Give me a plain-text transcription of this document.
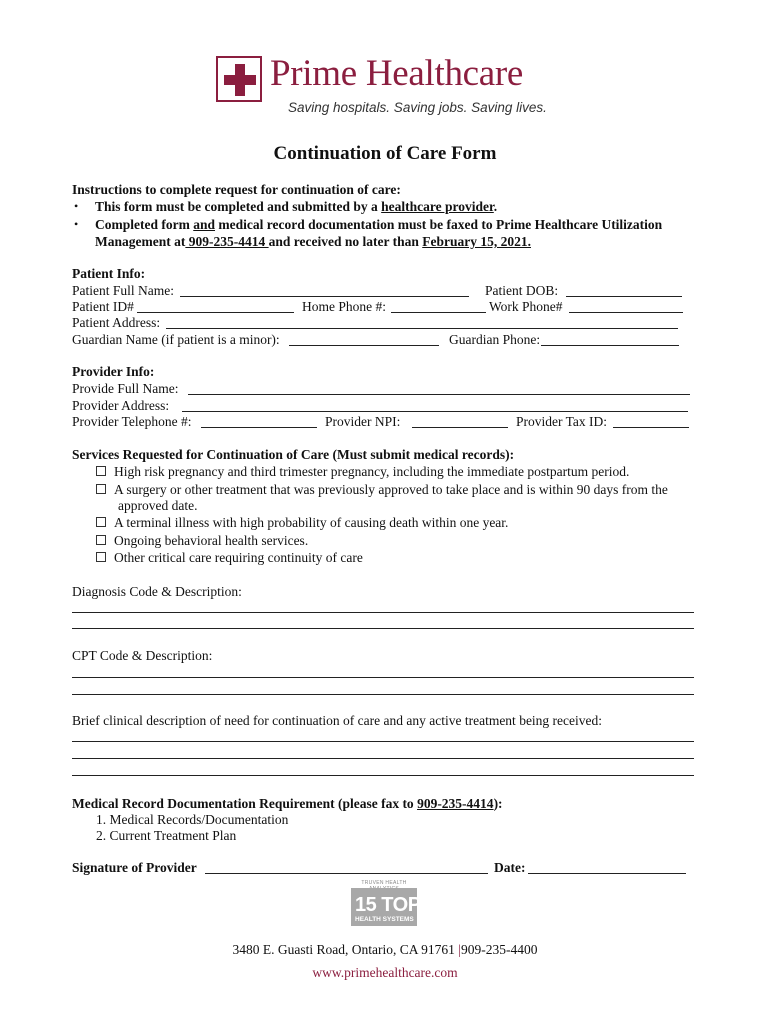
Prime Healthcare
Saving hospitals. Saving jobs. Saving lives.
Continuation of Care Form
Instructions to complete request for continuation of care:
• This form must be completed and submitted by a healthcare provider.
• Completed form and medical record documentation must be faxed to Prime Healthcare Utilization
Management at 909-235-4414 and received no later than February 15, 2021.
Patient Info:
Patient Full Name:	Patient DOB:
Patient ID#	Home Phone #:	Work Phone#
Patient Address:
Guardian Name (if patient is a minor):	Guardian Phone:
Provider Info:
Provide Full Name:
Provider Address:
Provider Telephone #:	Provider NPI:	Provider Tax ID:
Services Requested for Continuation of Care (Must submit medical records):
High risk pregnancy and third trimester pregnancy, including the immediate postpartum period.
A surgery or other treatment that was previously approved to take place and is within 90 days from the
approved date.
A terminal illness with high probability of causing death within one year.
Ongoing behavioral health services.
Other critical care requiring continuity of care
Diagnosis Code & Description:
CPT Code & Description:
Brief clinical description of need for continuation of care and any active treatment being received:
Medical Record Documentation Requirement (please fax to 909-235-4414):
1. Medical Records/Documentation
2. Current Treatment Plan
Signature of Provider	Date:
TRUVEN HEALTH
15 TOP
HEALTH SYSTEMS
3480 E. Guasti Road, Ontario, CA 91761 |909-235-4400
www.primehealthcare.com
